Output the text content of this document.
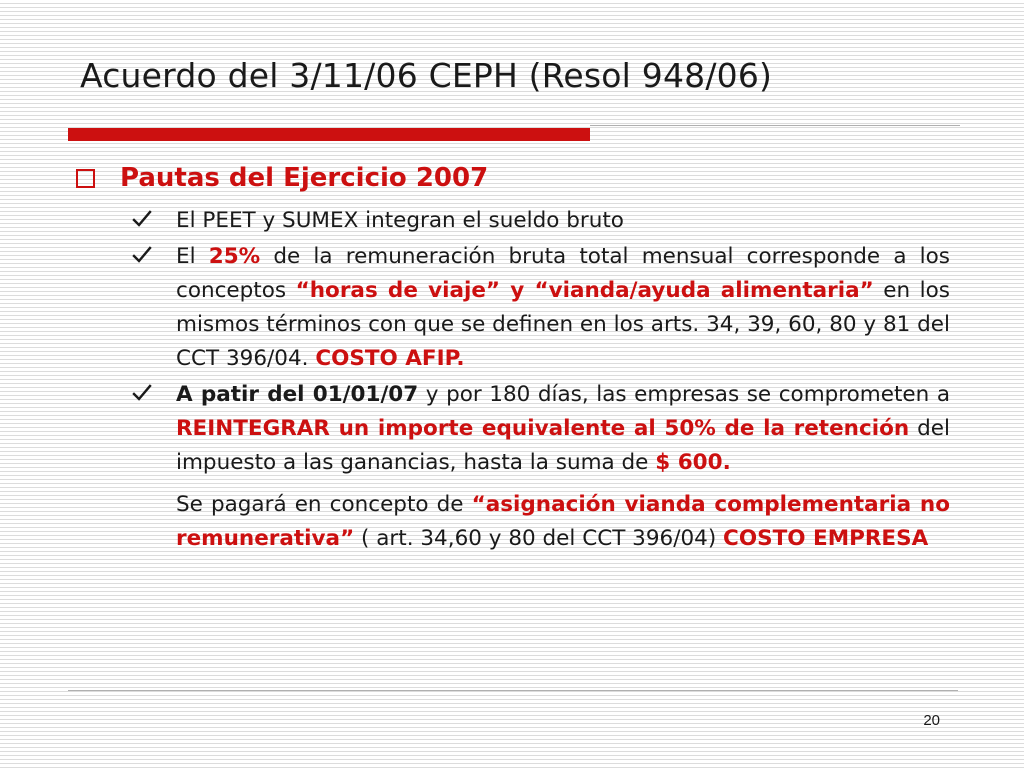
Acuerdo del 3/11/06 CEPH (Resol 948/06)
Pautas del Ejercicio 2007
El PEET y SUMEX integran el sueldo bruto
El 25% de la remuneración bruta total mensual corresponde a los conceptos “horas de viaje” y “vianda/ayuda alimentaria” en los mismos términos con que se definen en los arts. 34, 39, 60, 80 y 81 del CCT 396/04. COSTO AFIP.
A patir del 01/01/07 y por 180 días, las empresas se comprometen a REINTEGRAR un importe equivalente al 50% de la retención del impuesto a las ganancias, hasta la suma de $ 600.
Se pagará en concepto de “asignación vianda complementaria no remunerativa” ( art. 34,60 y 80 del CCT 396/04) COSTO EMPRESA
20
